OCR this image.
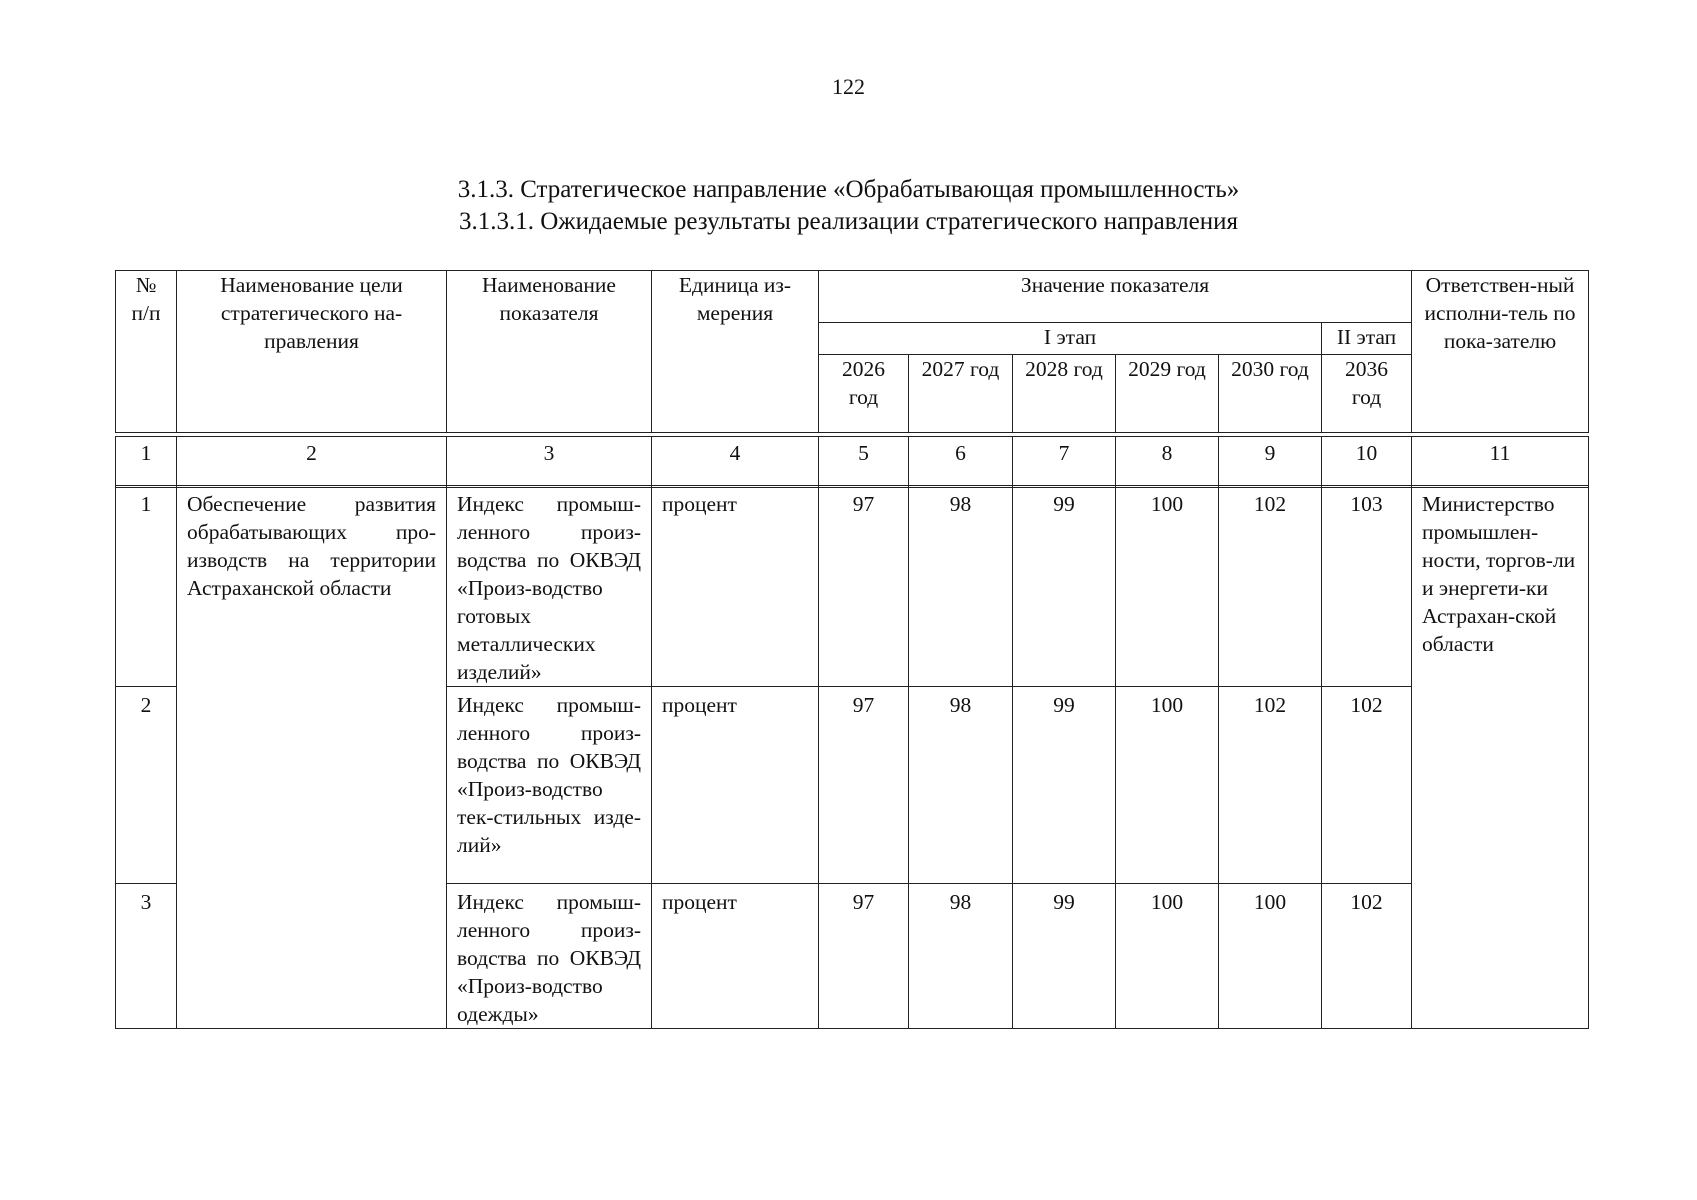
122
3.1.3. Стратегическое направление «Обрабатывающая промышленность»
3.1.3.1. Ожидаемые результаты реализации стратегического направления
№ п/п	Наименование цели стратегического на-правления	Наименование показателя	Единица из-мерения	Значение показателя						Ответствен-ный исполни-тель по пока-зателю
				I этап					II этап	
				2026 год	2027 год	2028 год	2029 год	2030 год	2036 год	
1	2	3	4	5	6	7	8	9	10	11
1	Обеспечение развития обрабатывающих про-изводств на территории Астраханской области	Индекс промыш-ленного произ-водства по ОКВЭД «Произ-водство готовых металлических изделий»	процент	97	98	99	100	102	103	Министерство промышлен-ности, торгов-ли и энергети-ки Астрахан-ской области
2		Индекс промыш-ленного произ-водства по ОКВЭД «Произ-водство тек-стильных изде-лий»	процент	97	98	99	100	102	102	
3		Индекс промыш-ленного произ-водства по ОКВЭД «Произ-водство одежды»	процент	97	98	99	100	100	102	
